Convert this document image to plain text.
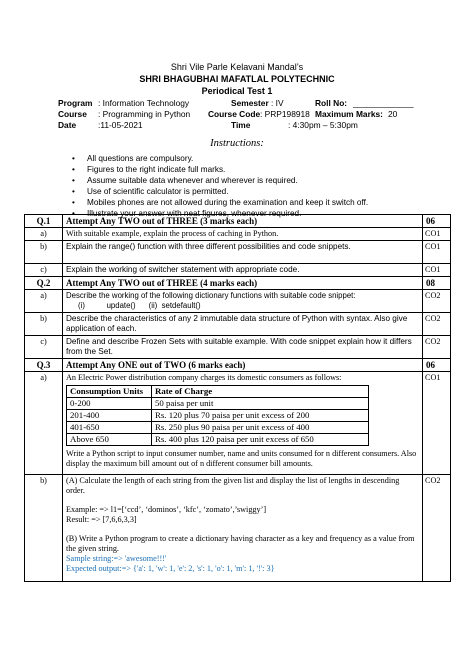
Shri Vile Parle Kelavani Mandal’s
SHRI BHAGUBHAI MAFATLAL POLYTECHNIC
Periodical Test 1
Program : Information Technology	Semester : IV	Roll No: _____________
Course : Programming in Python Course Code : PRP198918 Maximum Marks: 20
Date	:11-05-2021	Time	: 4:30pm – 5:30pm
Instructions:
• All questions are compulsory.
• Figures to the right indicate full marks.
• Assume suitable data whenever and wherever is required.
• Use of scientific calculator is permitted.
• Mobiles phones are not allowed during the examination and keep it switch off.
• Illustrate your answer with neat figures, whenever required.
Q.1	Attempt Any TWO out of THREE (3 marks each)	06
a)	With suitable example, explain the process of caching in Python.	CO1
b)	Explain the range() function with three different possibilities and code snippets.	CO1
c)	Explain the working of switcher statement with appropriate code.	CO1
Q.2	Attempt Any TWO out of THREE (4 marks each)	08
a)	Describe the working of the following dictionary functions with suitable code snippet:
(i)          update()      (ii)  setdefault()
	CO2
b)	Describe the characteristics of any 2 immutable data structure of Python with syntax. Also give application of each.	CO2
c)	Define and describe Frozen Sets with suitable example. With code snippet explain how it differs from the Set.	CO2
Q.3	Attempt Any ONE out of TWO (6 marks each)	06
a)	An Electric Power distribution company charges its domestic consumers as follows:
Consumption Units	Rate of Charge
0-200	50 paisa per unit
201-400	Rs. 120 plus 70 paisa per unit excess of 200
401-650	Rs. 250 plus 90 paisa per unit excess of 400
Above 650	Rs. 400 plus 120 paisa per unit excess of 650
Write a Python script to input consumer number, name and units consumed for n different consumers. Also display the maximum bill amount out of n different consumer bill amounts.
	CO1
b)	(A) Calculate the length of each string from the given list and display the list of lengths in descending order.
Example: => l1=[‘ccd’, ‘dominos’, ‘kfc’, ‘zomato’,’swiggy’]
Result: => [7,6,6,3,3]
(B) Write a Python program to create a dictionary having character as a key and frequency as a value from the given string.
Sample string:=> 'awesome!!!'
Expected output:=> {'a': 1, 'w': 1, 'e': 2, 's': 1, 'o': 1, 'm': 1, '!': 3}
	CO2
